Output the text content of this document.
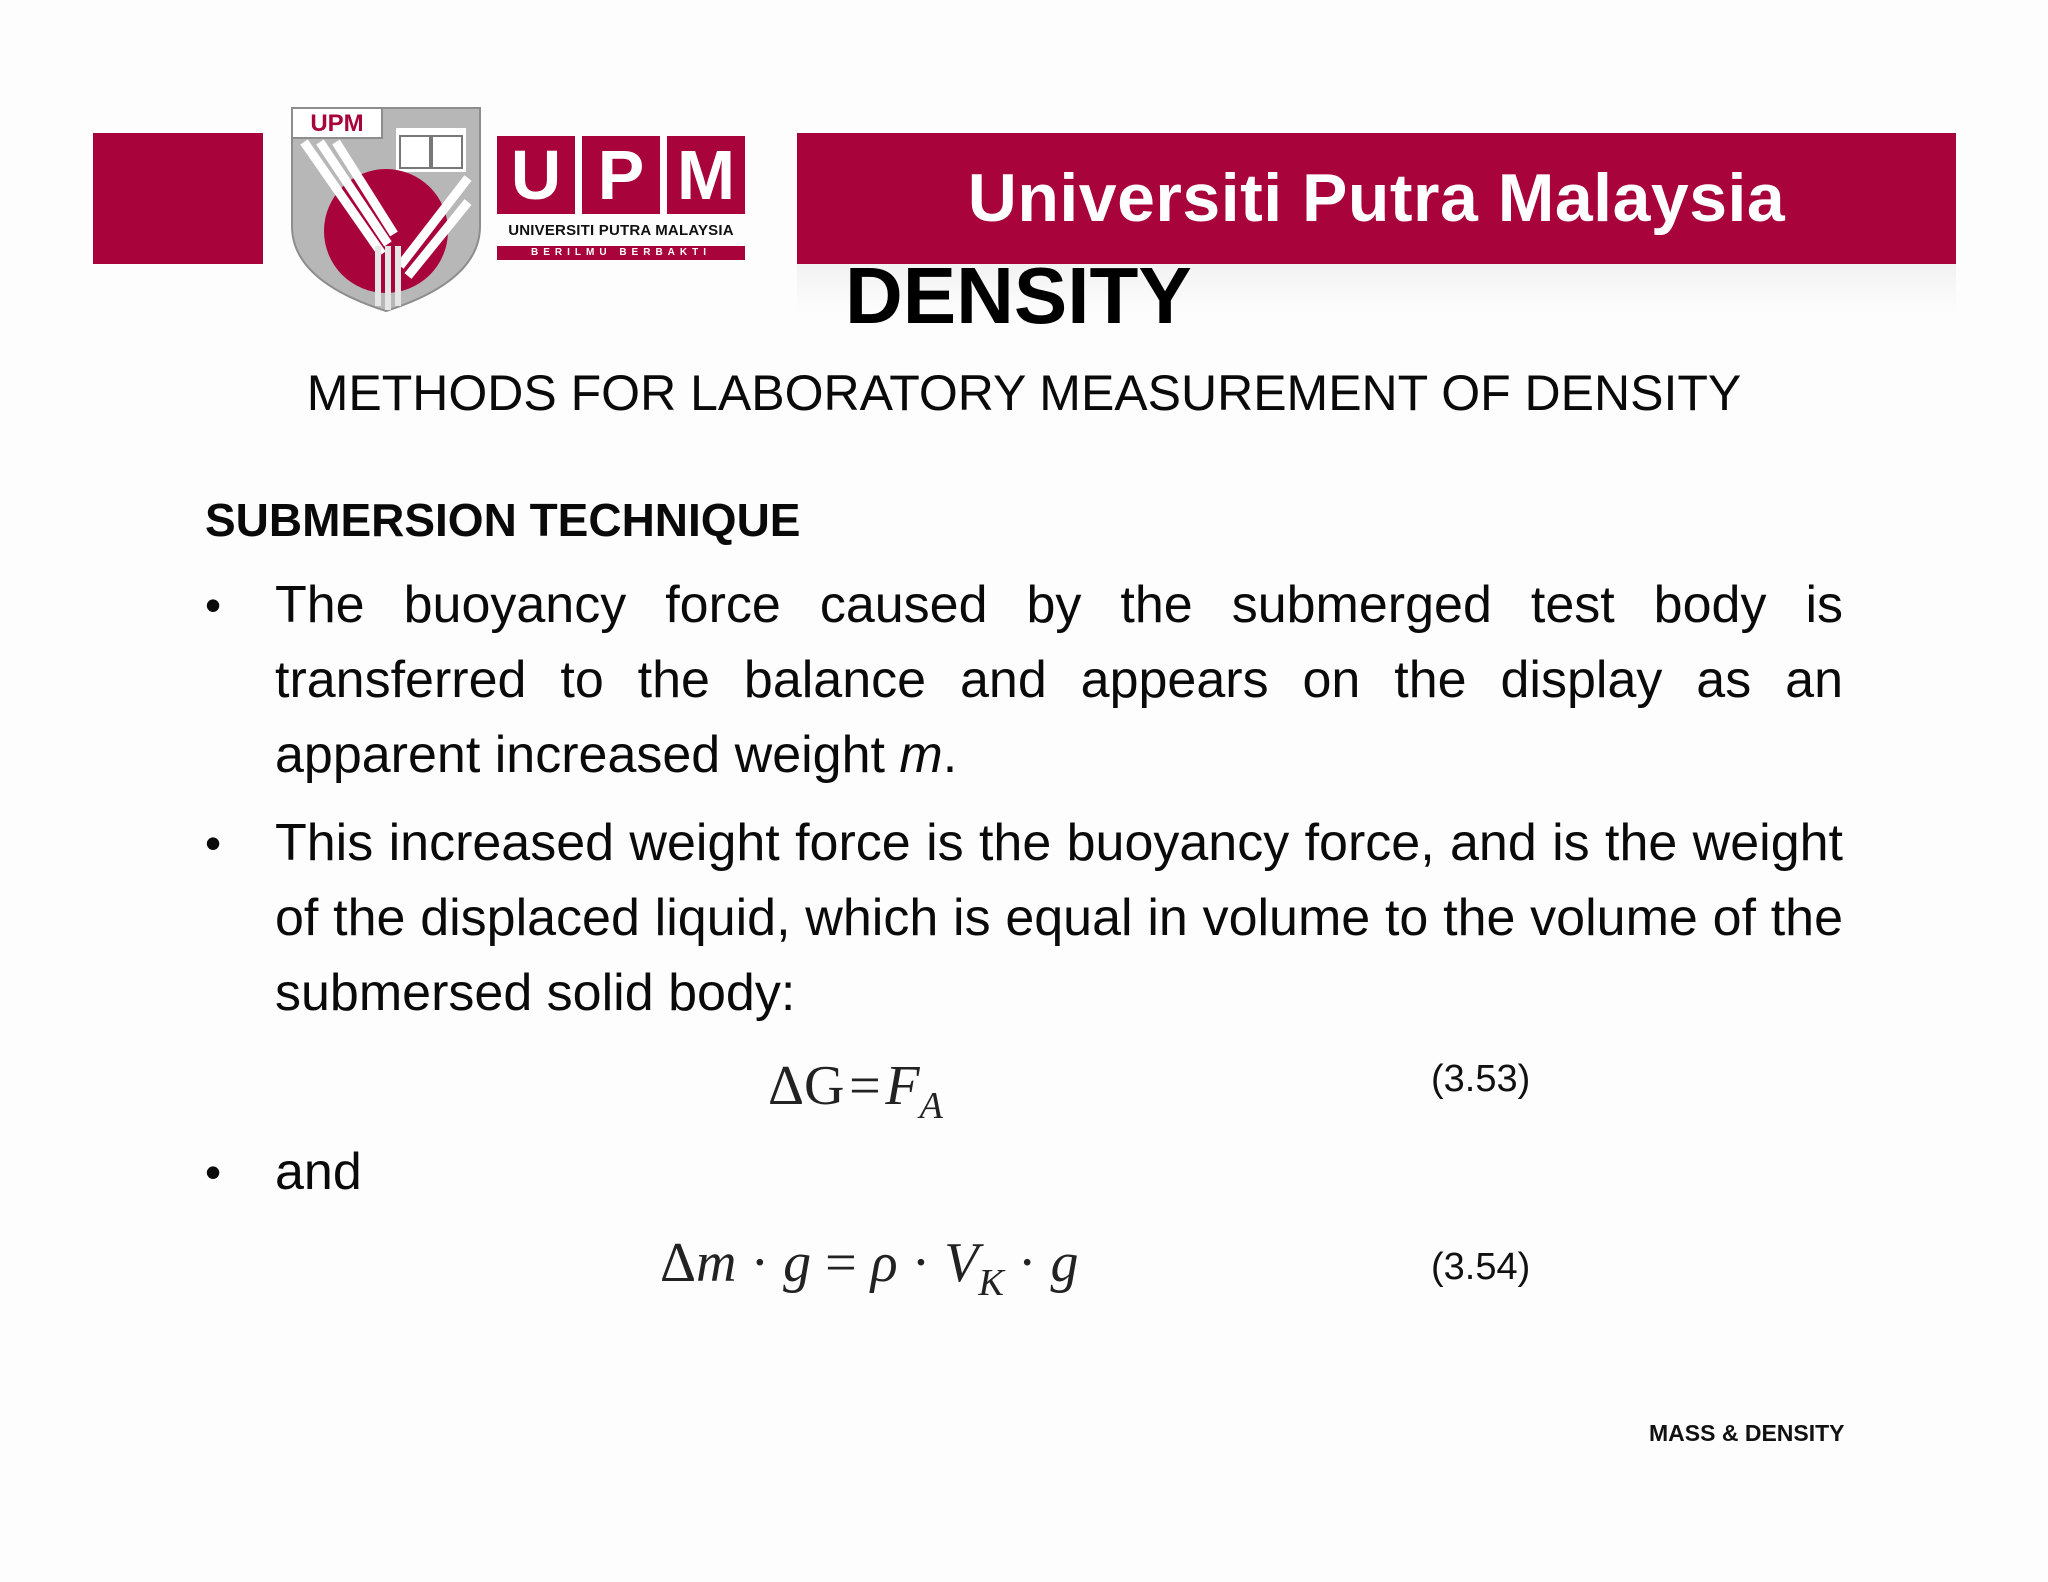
Universiti Putra Malaysia
UPM
U P M
UNIVERSITI PUTRA MALAYSIA
BERILMU BERBAKTI	DENSITY
METHODS FOR LABORATORY MEASUREMENT OF DENSITY
SUBMERSION TECHNIQUE
• The buoyancy force caused by the submerged test body is transferred to the balance and appears on the display as an apparent increased weight m.
• This increased weight force is the buoyancy force, and is the weight of the displaced liquid, which is equal in volume to the volume of the submersed solid body:
ΔG = $F_A$
(3.53)
• and
$\Delta m \cdot g = \rho \cdot V_K \cdot g$	(3.54)
MASS & DENSITY
